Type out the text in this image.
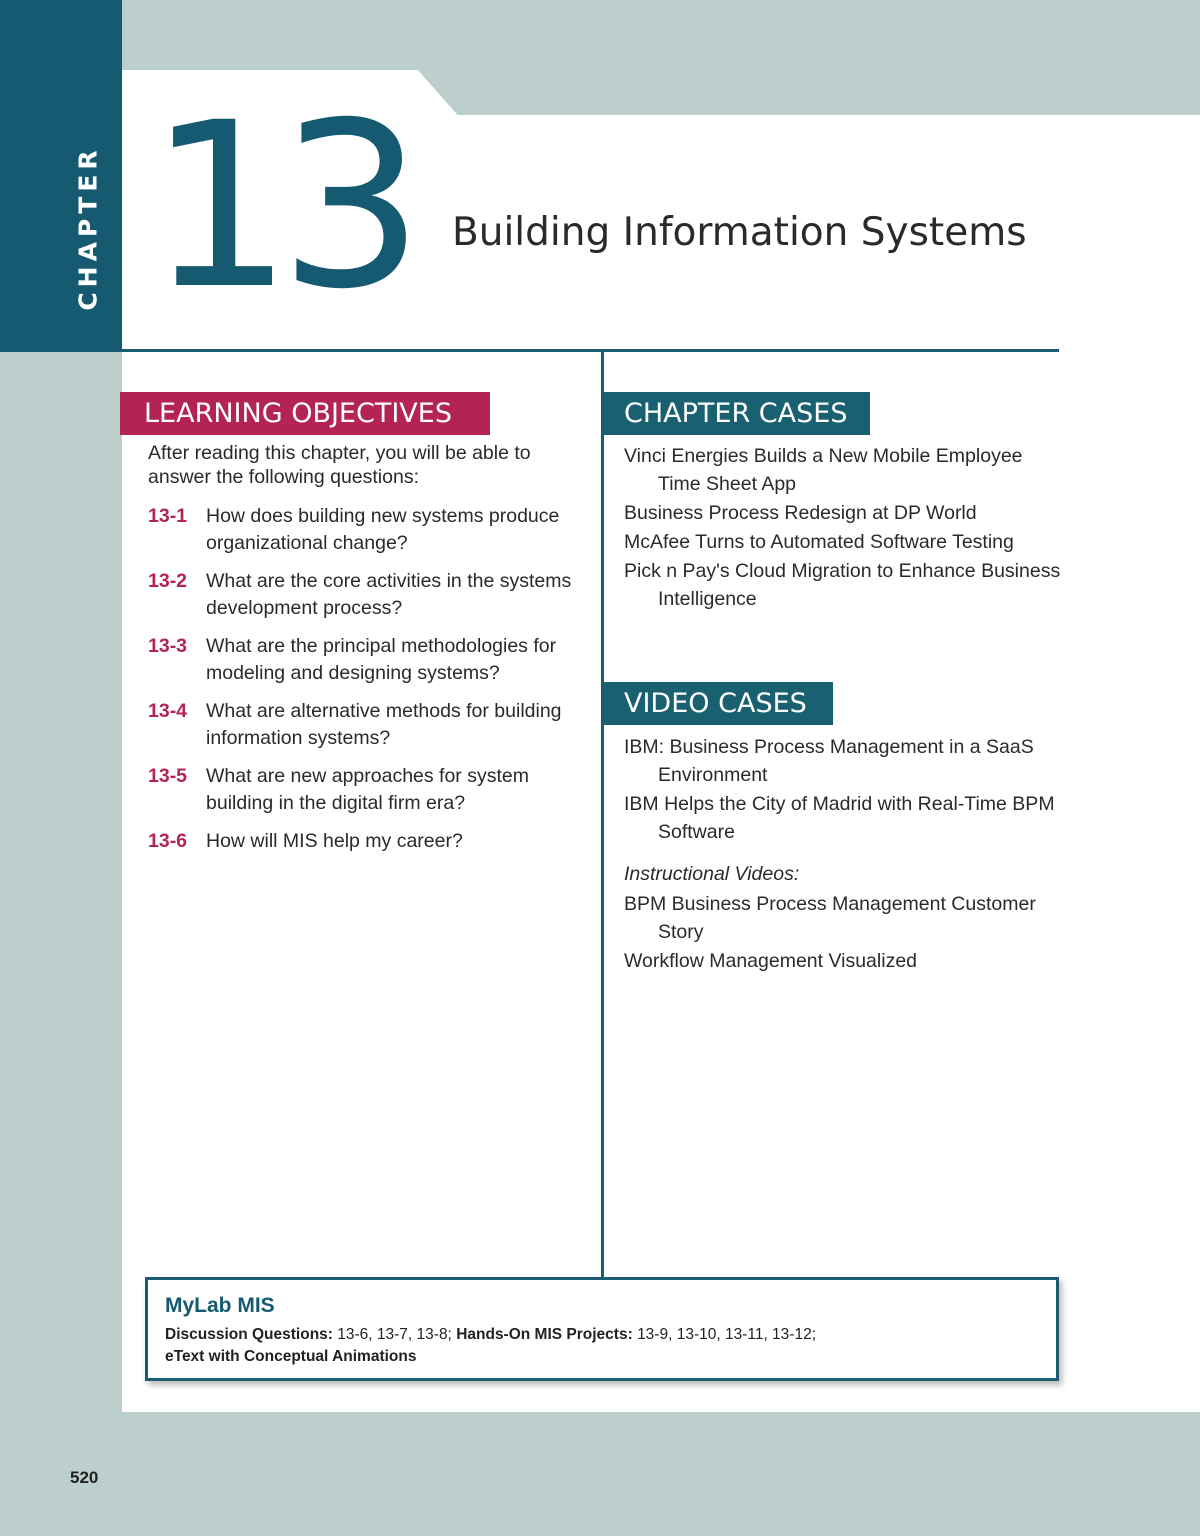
CHAPTER 13 Building Information Systems
LEARNING OBJECTIVES
After reading this chapter, you will be able to answer the following questions:
13-1 How does building new systems produce organizational change?
13-2 What are the core activities in the systems development process?
13-3 What are the principal methodologies for modeling and designing systems?
13-4 What are alternative methods for building information systems?
13-5 What are new approaches for system building in the digital firm era?
13-6 How will MIS help my career?
CHAPTER CASES
Vinci Energies Builds a New Mobile Employee Time Sheet App
Business Process Redesign at DP World
McAfee Turns to Automated Software Testing
Pick n Pay's Cloud Migration to Enhance Business Intelligence
VIDEO CASES
IBM: Business Process Management in a SaaS Environment
IBM Helps the City of Madrid with Real-Time BPM Software
Instructional Videos:
BPM Business Process Management Customer Story
Workflow Management Visualized
MyLab MIS
Discussion Questions: 13-6, 13-7, 13-8; Hands-On MIS Projects: 13-9, 13-10, 13-11, 13-12;
eText with Conceptual Animations
520
